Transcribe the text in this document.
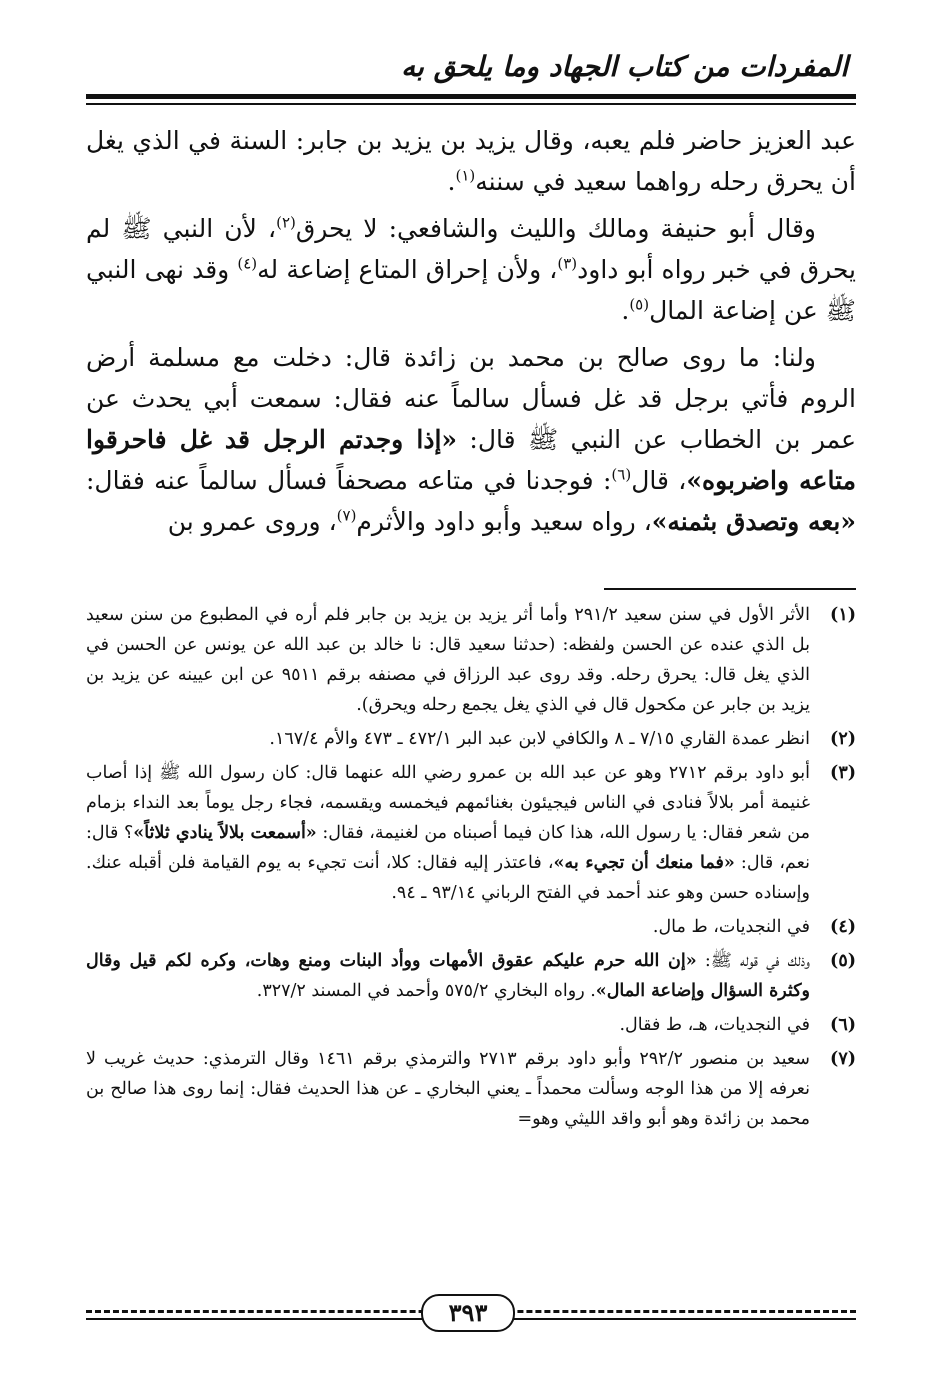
المفردات من كتاب الجهاد وما يلحق به

عبد العزيز حاضر فلم يعبه، وقال يزيد بن يزيد بن جابر: السنة في الذي يغل أن يحرق رحله رواهما سعيد في سننه$^{(١)}$.

وقال أبو حنيفة ومالك والليث والشافعي: لا يحرق$^{(٢)}$، لأن النبي ﷺ لم يحرق في خبر رواه أبو داود$^{(٣)}$، ولأن إحراق المتاع إضاعة له$^{(٤)}$ وقد نهى النبي ﷺ عن إضاعة المال$^{(٥)}$.

ولنا: ما روى صالح بن محمد بن زائدة قال: دخلت مع مسلمة أرض الروم فأتي برجل قد غل فسأل سالماً عنه فقال: سمعت أبي يحدث عن عمر بن الخطاب عن النبي ﷺ قال: «إذا وجدتم الرجل قد غل فاحرقوا متاعه واضربوه»، قال$^{(٦)}$: فوجدنا في متاعه مصحفاً فسأل سالماً عنه فقال: «بعه وتصدق بثمنه»، رواه سعيد وأبو داود والأثرم$^{(٧)}$، وروى عمرو بن

(١)
الأثر الأول في سنن سعيد ٢٩١/٢ وأما أثر يزيد بن يزيد بن جابر فلم أره في المطبوع من سنن سعيد بل الذي عنده عن الحسن ولفظه: (حدثنا سعيد قال: نا خالد بن عبد الله عن يونس عن الحسن في الذي يغل قال: يحرق رحله. وقد روى عبد الرزاق في مصنفه برقم ٩٥١١ عن ابن عيينه عن يزيد بن يزيد بن جابر عن مكحول قال في الذي يغل يجمع رحله ويحرق).
(٢)
انظر عمدة القاري ٧/١٥ ـ ٨ والكافي لابن عبد البر ٤٧٢/١ ـ ٤٧٣ والأم ١٦٧/٤.
(٣)
أبو داود برقم ٢٧١٢ وهو عن عبد الله بن عمرو رضي الله عنهما قال: كان رسول الله ﷺ إذا أصاب غنيمة أمر بلالاً فنادى في الناس فيجيئون بغنائمهم فيخمسه ويقسمه، فجاء رجل يوماً بعد النداء بزمام من شعر فقال: يا رسول الله، هذا كان فيما أصبناه من لغنيمة، فقال: «أسمعت بلالاً ينادي ثلاثاً»؟ قال: نعم، قال: «فما منعك أن تجيء به»، فاعتذر إليه فقال: كلا، أنت تجيء به يوم القيامة فلن أقبله عنك. وإسناده حسن وهو عند أحمد في الفتح الرباني ٩٣/١٤ ـ ٩٤.
(٤)
في النجديات، ط مال.
(٥)
وذلك في قوله ﷺ: «إن الله حرم عليكم عقوق الأمهات ووأد البنات ومنع وهات، وكره لكم قيل وقال وكثرة السؤال وإضاعة المال». رواه البخاري ٥٧٥/٢ وأحمد في المسند ٣٢٧/٢.
(٦)
في النجديات، هـ، ط فقال.
(٧)
سعيد بن منصور ٢٩٢/٢ وأبو داود برقم ٢٧١٣ والترمذي برقم ١٤٦١ وقال الترمذي: حديث غريب لا نعرفه إلا من هذا الوجه وسألت محمداً ـ يعني البخاري ـ عن هذا الحديث فقال: إنما روى هذا صالح بن محمد بن زائدة وهو أبو واقد الليثي وهو=
٣٩٣
